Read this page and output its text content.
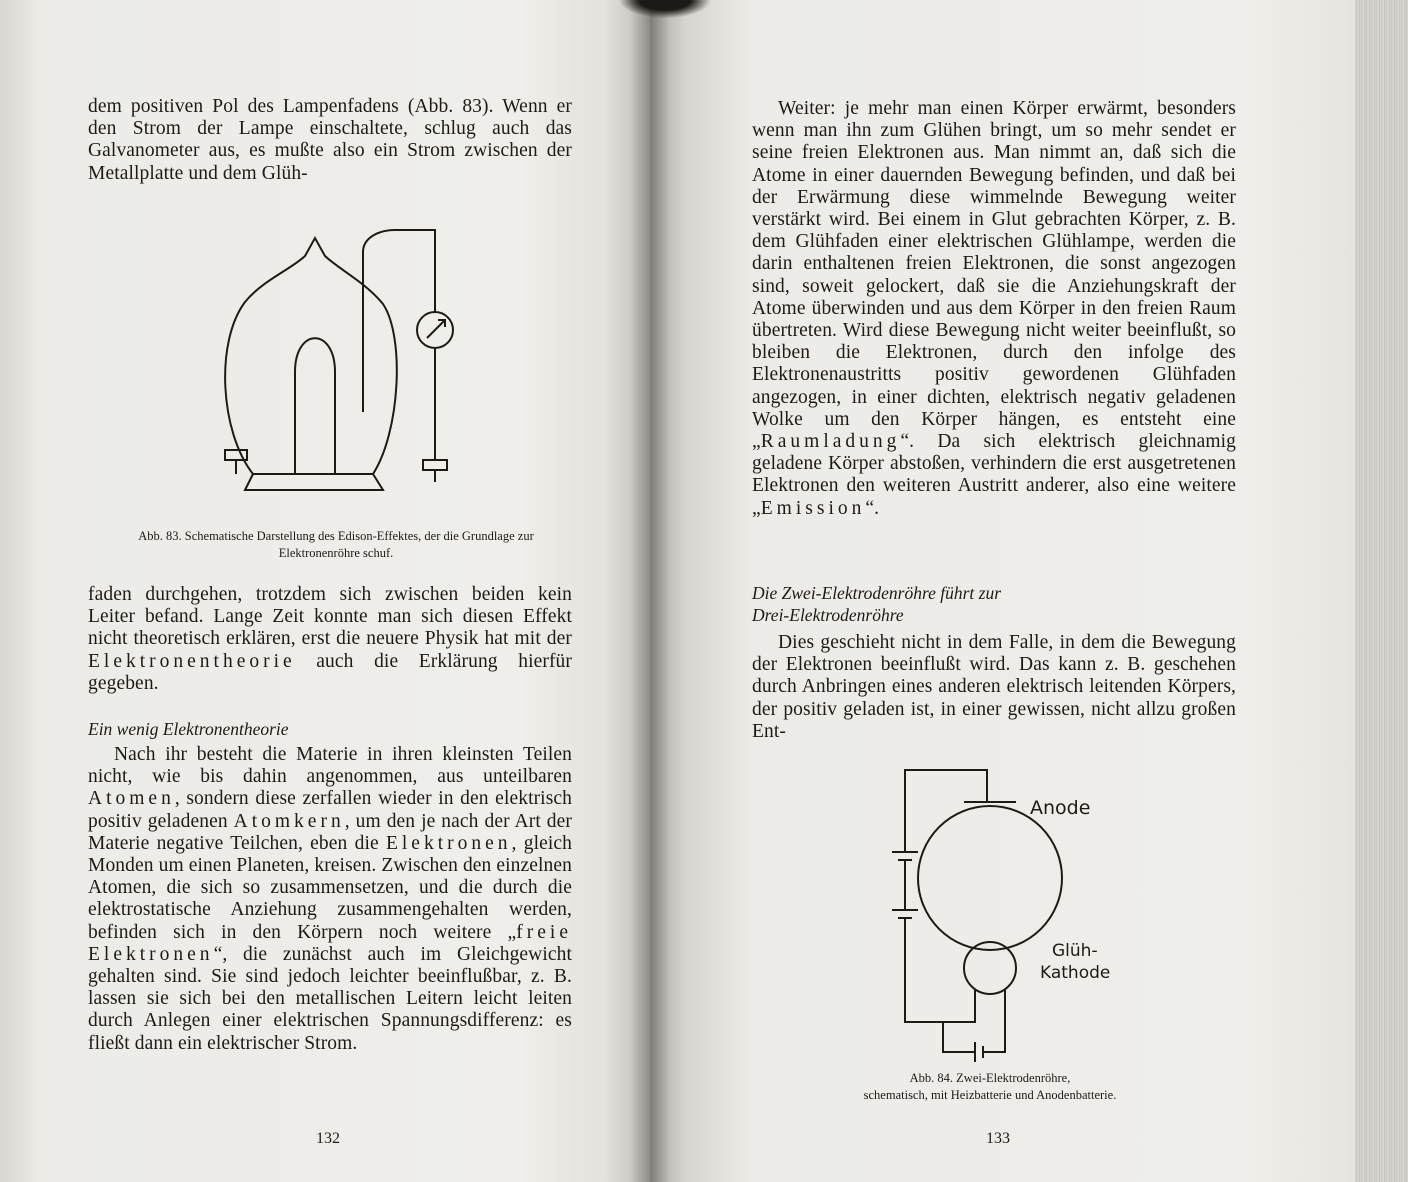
dem positiven Pol des Lampenfadens (Abb. 83). Wenn er den Strom der Lampe einschaltete, schlug auch das Galvanometer aus, es mußte also ein Strom zwischen der Metallplatte und dem Glüh-

Abb. 83. Schematische Darstellung des Edison-Effektes, der die Grundlage zur Elektronenröhre schuf.

faden durchgehen, trotzdem sich zwischen beiden kein Leiter befand. Lange Zeit konnte man sich diesen Effekt nicht theoretisch erklären, erst die neuere Physik hat mit der Elektronentheorie auch die Erklärung hierfür gegeben.

Ein wenig Elektronentheorie

Nach ihr besteht die Materie in ihren kleinsten Teilen nicht, wie bis dahin angenommen, aus unteilbaren Atomen, sondern diese zerfallen wieder in den elektrisch positiv geladenen Atomkern, um den je nach der Art der Materie negative Teilchen, eben die Elektronen, gleich Monden um einen Planeten, kreisen. Zwischen den einzelnen Atomen, die sich so zusammensetzen, und die durch die elektrostatische Anziehung zusammengehalten werden, befinden sich in den Körpern noch weitere „freie Elektronen“, die zunächst auch im Gleichgewicht gehalten sind. Sie sind jedoch leichter beeinflußbar, z. B. lassen sie sich bei den metallischen Leitern leicht leiten durch Anlegen einer elektrischen Spannungsdifferenz: es fließt dann ein elektrischer Strom.

132

Weiter: je mehr man einen Körper erwärmt, besonders wenn man ihn zum Glühen bringt, um so mehr sendet er seine freien Elektronen aus. Man nimmt an, daß sich die Atome in einer dauernden Bewegung befinden, und daß bei der Erwärmung diese wimmelnde Bewegung weiter verstärkt wird. Bei einem in Glut gebrachten Körper, z. B. dem Glühfaden einer elektrischen Glühlampe, werden die darin enthaltenen freien Elektronen, die sonst angezogen sind, soweit gelockert, daß sie die Anziehungskraft der Atome überwinden und aus dem Körper in den freien Raum übertreten. Wird diese Bewegung nicht weiter beeinflußt, so bleiben die Elektronen, durch den infolge des Elektronenaustritts positiv gewordenen Glühfaden angezogen, in einer dichten, elektrisch negativ geladenen Wolke um den Körper hängen, es entsteht eine „Raumladung“. Da sich elektrisch gleichnamig geladene Körper abstoßen, verhindern die erst ausgetretenen Elektronen den weiteren Austritt anderer, also eine weitere „Emission“.

Die Zwei-Elektrodenröhre führt zur
Drei-Elektrodenröhre

Dies geschieht nicht in dem Falle, in dem die Bewegung der Elektronen beeinflußt wird. Das kann z. B. geschehen durch Anbringen eines anderen elektrisch leitenden Körpers, der positiv geladen ist, in einer gewissen, nicht allzu großen Ent-

Anode
Glüh-
Kathode
Abb. 84. Zwei-Elektrodenröhre,
schematisch, mit Heizbatterie und Anodenbatterie.
133
